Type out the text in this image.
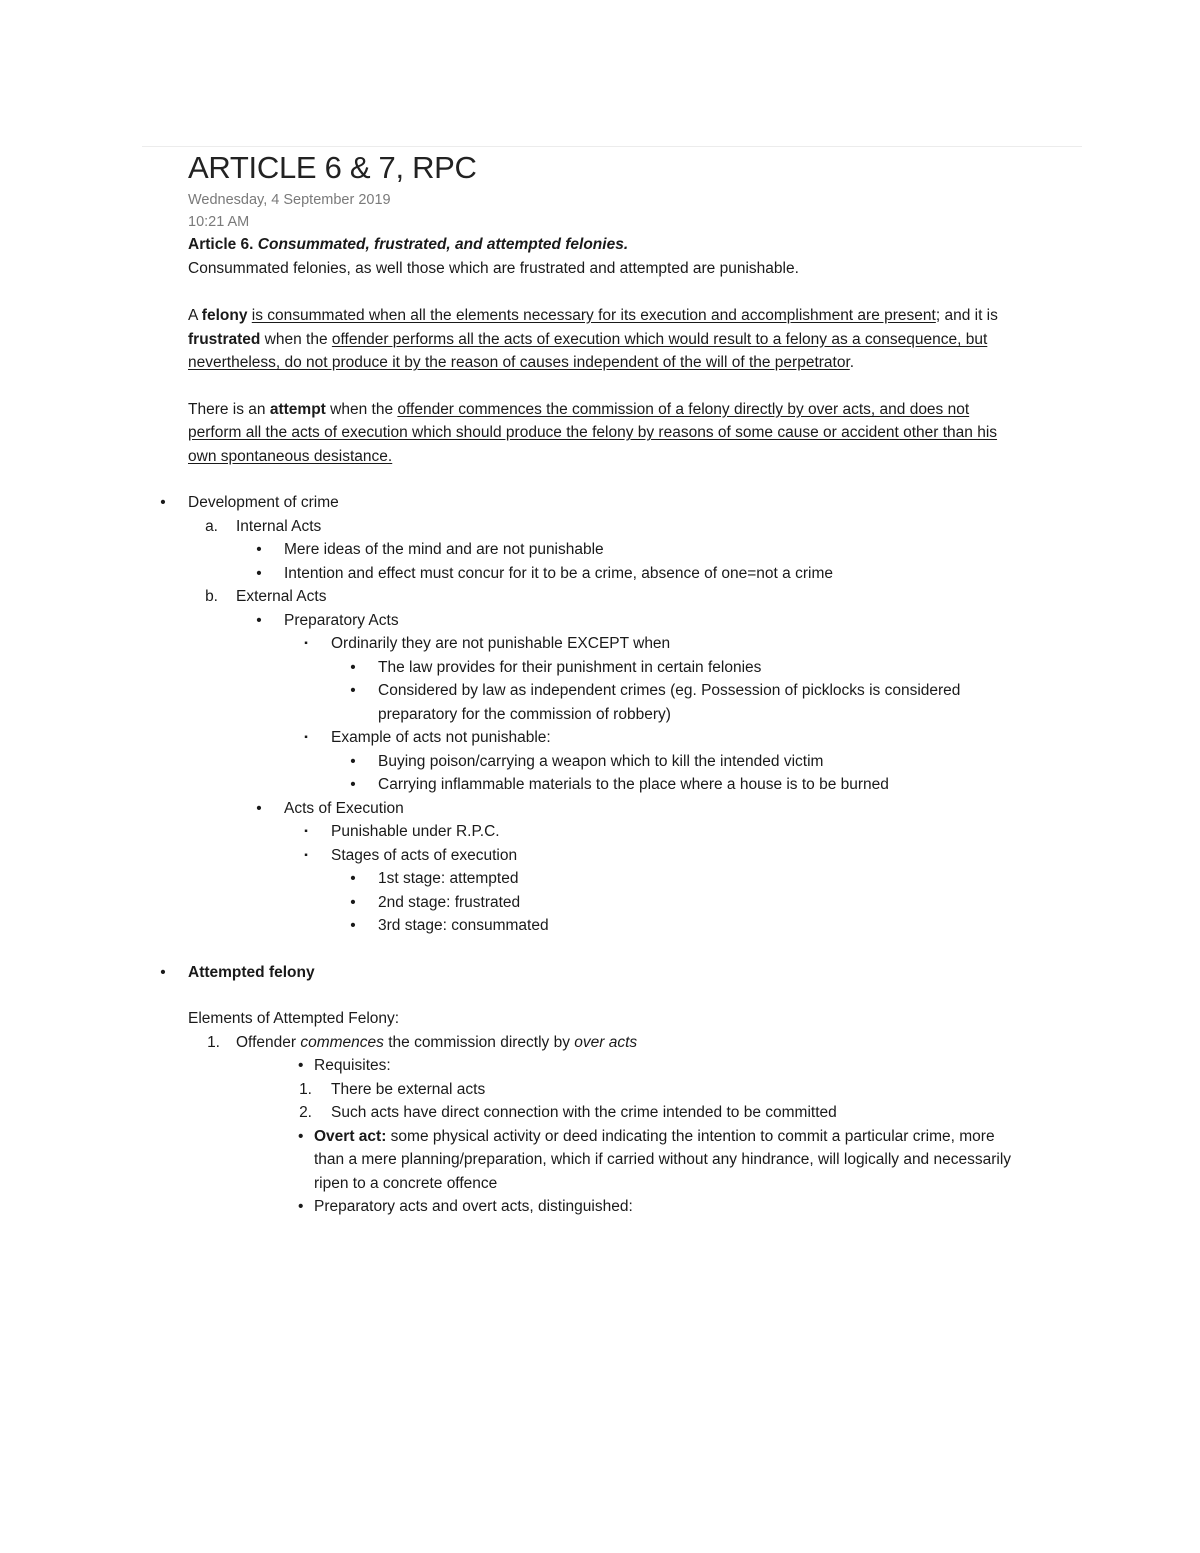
ARTICLE 6 & 7, RPC
Wednesday, 4 September 2019
10:21 AM
Article 6. Consummated, frustrated, and attempted felonies.
Consummated felonies, as well those which are frustrated and attempted are punishable.

A felony is consummated when all the elements necessary for its execution and accomplishment are present; and it is frustrated when the offender performs all the acts of execution which would result to a felony as a consequence, but nevertheless, do not produce it by the reason of causes independent of the will of the perpetrator.

There is an attempt when the offender commences the commission of a felony directly by over acts, and does not perform all the acts of execution which should produce the felony by reasons of some cause or accident other than his own spontaneous desistance.

•	Development of crime
a. Internal Acts
•	Mere ideas of the mind and are not punishable
•	Intention and effect must concur for it to be a crime, absence of one=not a crime
b. External Acts
•	Preparatory Acts
▪	Ordinarily they are not punishable EXCEPT when
•	The law provides for their punishment in certain felonies
•	Considered by law as independent crimes (eg. Possession of picklocks is considered preparatory for the commission of robbery)
▪	Example of acts not punishable:
•	Buying poison/carrying a weapon which to kill the intended victim
•	Carrying inflammable materials to the place where a house is to be burned
•	Acts of Execution
▪	Punishable under R.P.C.
▪	Stages of acts of execution
•	1st stage: attempted
•	2nd stage: frustrated
•	3rd stage: consummated
•	Attempted felony
Elements of Attempted Felony:
1. Offender commences the commission directly by over acts
• Requisites:
1. There be external acts
2. Such acts have direct connection with the crime intended to be committed
• Overt act: some physical activity or deed indicating the intention to commit a particular crime, more than a mere planning/preparation, which if carried without any hindrance, will logically and necessarily ripen to a concrete offence
• Preparatory acts and overt acts, distinguished:
